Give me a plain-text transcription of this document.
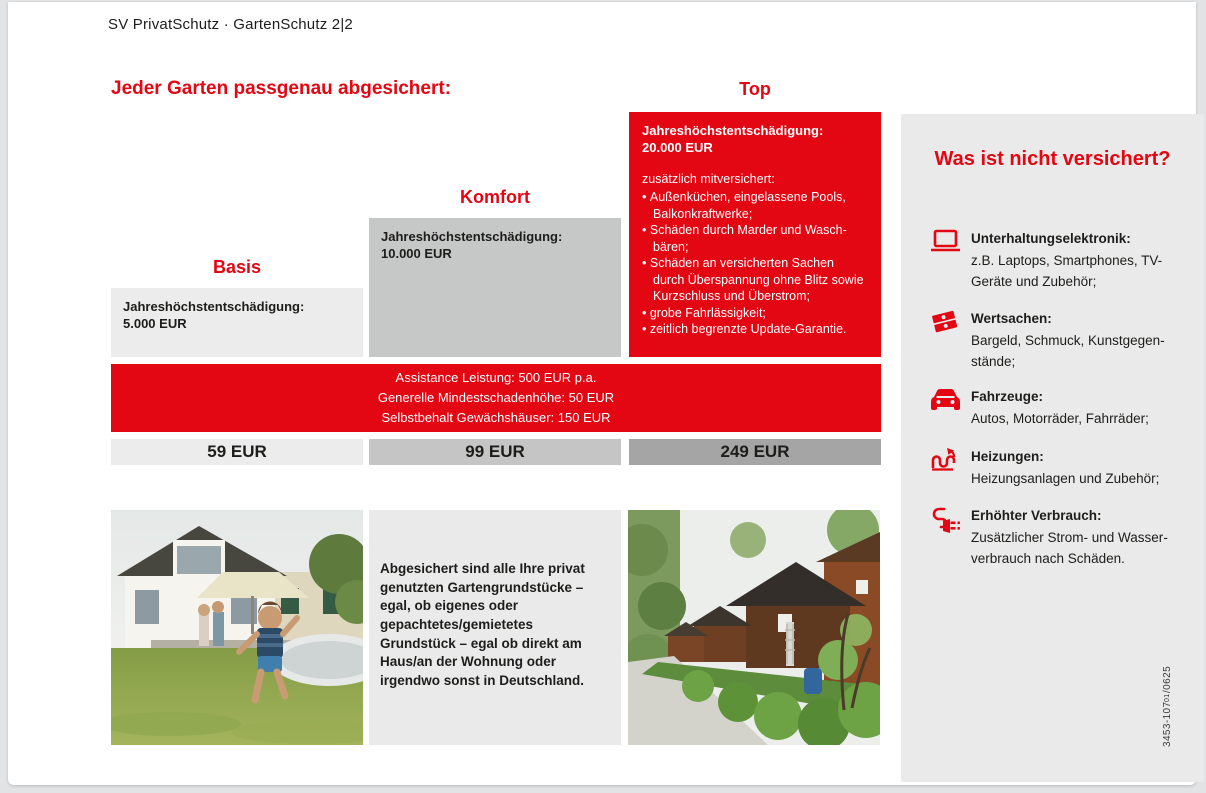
SV PrivatSchutz · GartenSchutz 2|2
Jeder Garten passgenau abgesichert:
Basis
Komfort
Top
Jahreshöchstentschädigung:
5.000 EUR
Jahreshöchstentschädigung:
10.000 EUR
Jahreshöchstentschädigung:
20.000 EUR
zusätzlich mitversichert:
• Außenküchen, eingelassene Pools, Balkonkraftwerke;
• Schäden durch Marder und Waschbären;
• Schäden an versicherten Sachen durch Überspannung ohne Blitz sowie Kurzschluss und Überstrom;
• grobe Fahrlässigkeit;
• zeitlich begrenzte Update-Garantie.
Assistance Leistung: 500 EUR p.a.
Generelle Mindestschadenhöhe: 50 EUR
Selbstbehalt Gewächshäuser: 150 EUR
59 EUR	99 EUR	249 EUR
Abgesichert sind alle Ihre privat genutzten Gartengrundstücke – egal, ob eigenes oder gepachtetes/gemietetes Grundstück – egal ob direkt am Haus/an der Wohnung oder irgendwo sonst in Deutschland.
Was ist nicht versichert?
Unterhaltungselektronik:
z.B. Laptops, Smartphones, TV-Geräte und Zubehör;
Wertsachen:
Bargeld, Schmuck, Kunstgegenstände;
Fahrzeuge:
Autos, Motorräder, Fahrräder;
Heizungen:
Heizungsanlagen und Zubehör;
Erhöhter Verbrauch:
Zusätzlicher Strom- und Wasserverbrauch nach Schäden.
3453-107
01
/0625
